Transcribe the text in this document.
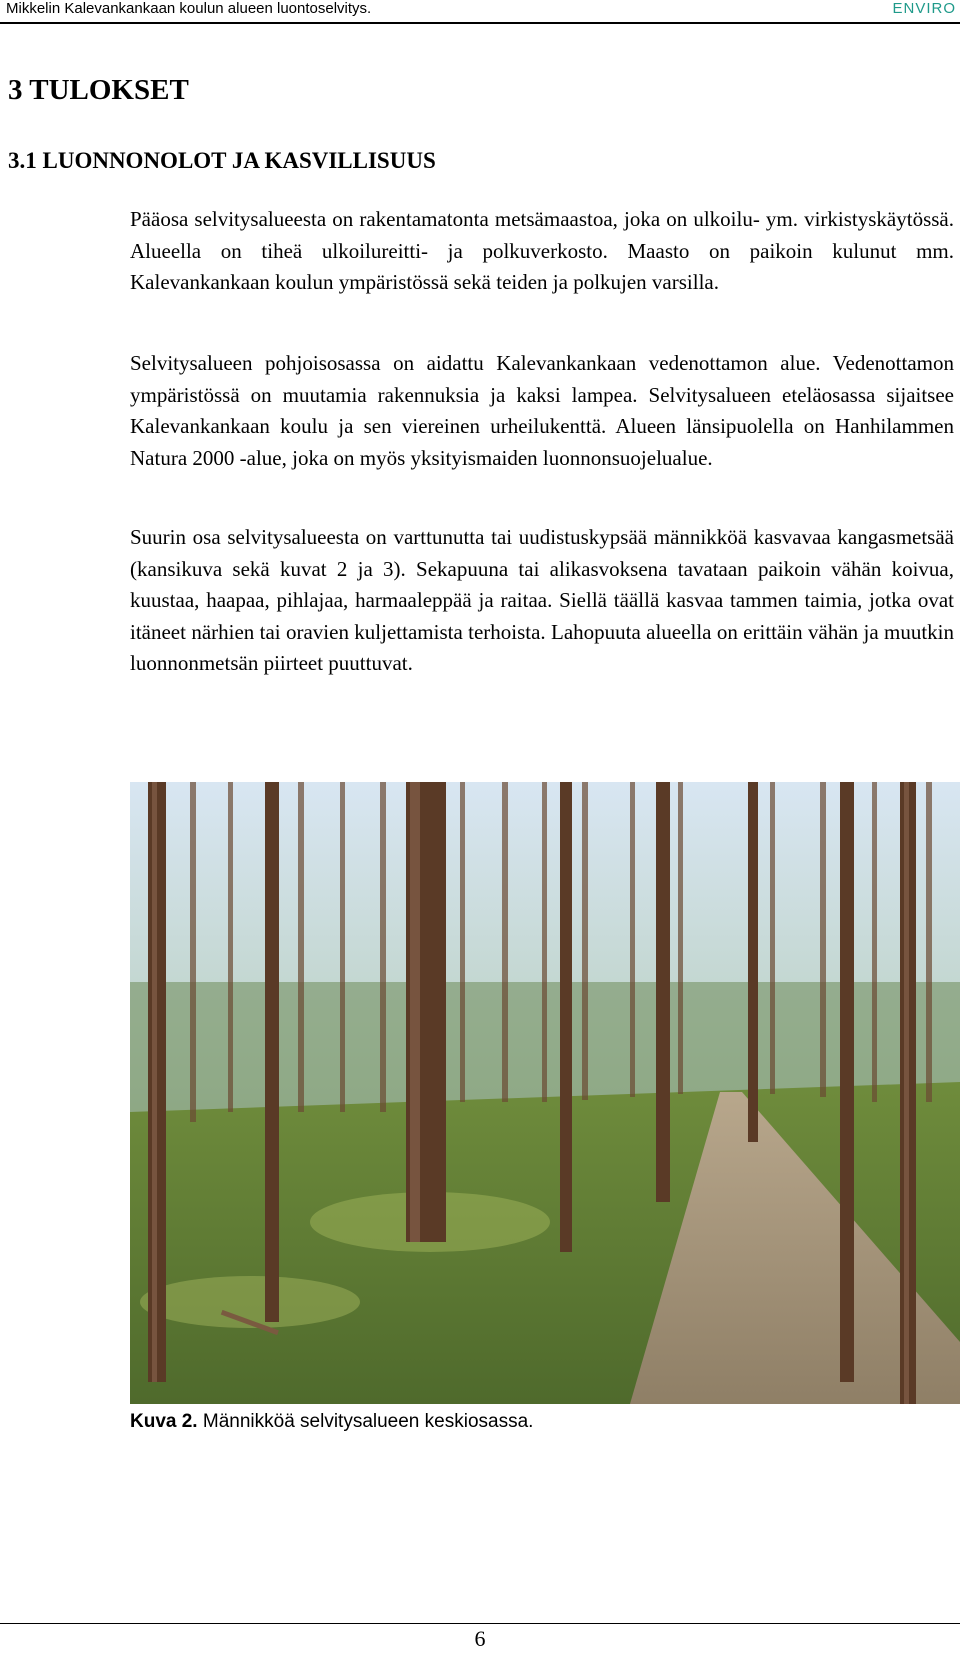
Mikkelin Kalevankankaan koulun alueen luontoselvitys.	ENVIRO
3 TULOKSET
3.1 LUONNONOLOT JA KASVILLISUUS

Pääosa selvitysalueesta on rakentamatonta metsämaastoa, joka on ulkoilu- ym. virkistyskäytössä. Alueella on tiheä ulkoilureitti- ja polkuverkosto. Maasto on paikoin kulunut mm. Kalevankankaan koulun ympäristössä sekä teiden ja polkujen varsilla.

Selvitysalueen pohjoisosassa on aidattu Kalevankankaan vedenottamon alue. Vedenottamon ympäristössä on muutamia rakennuksia ja kaksi lampea. Selvitysalueen eteläosassa sijaitsee Kalevankankaan koulu ja sen viereinen urheilukenttä. Alueen länsipuolella on Hanhilammen Natura 2000 -alue, joka on myös yksityismaiden luonnonsuojelualue.

Suurin osa selvitysalueesta on varttunutta tai uudistuskypsää männikköä kasvavaa kangasmetsää (kansikuva sekä kuvat 2 ja 3). Sekapuuna tai alikasvoksena tavataan paikoin vähän koivua, kuustaa, haapaa, pihlajaa, harmaaleppää ja raitaa. Siellä täällä kasvaa tammen taimia, jotka ovat itäneet närhien tai oravien kuljettamista terhoista. Lahopuuta alueella on erittäin vähän ja muutkin luonnonmetsän piirteet puuttuvat.

Kuva 2. Männikköä selvitysalueen keskiosassa.
6
